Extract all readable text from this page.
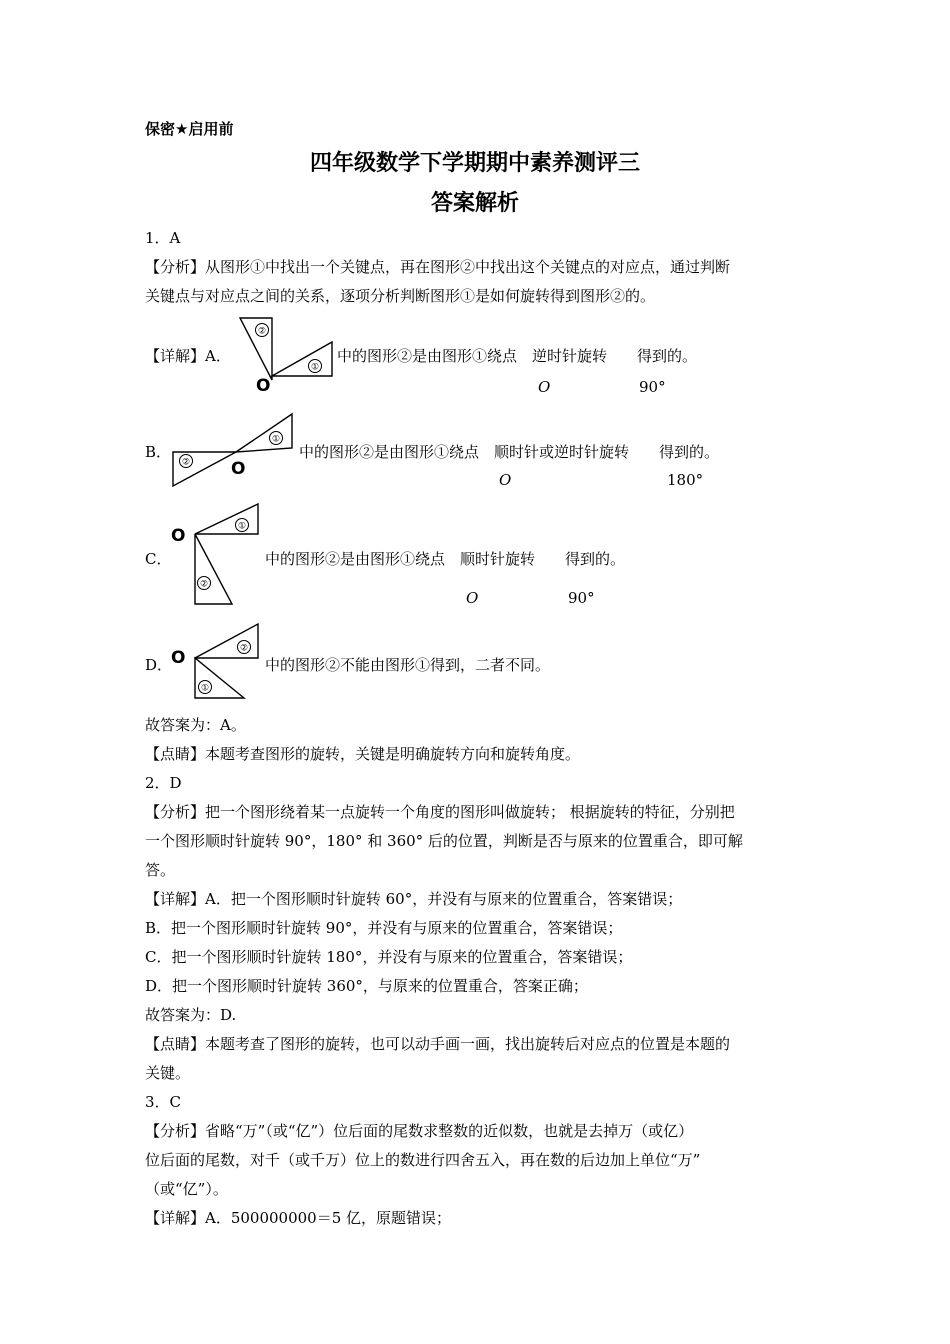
保密★启用前
四年级数学下学期期中素养测评三
答案解析
1．A
【分析】从图形①中找出一个关键点，再在图形②中找出这个关键点的对应点，通过判断
关键点与对应点之间的关系，逐项分析判断图形①是如何旋转得到图形②的。
【详解】A．
②
①
O
中的图形②是由图形①绕点　逆时针旋转　　得到的。
O	90°
B．
②
①
O
中的图形②是由图形①绕点　顺时针或逆时针旋转　　得到的。
O	180°
C．
①
②
O
中的图形②是由图形①绕点　顺时针旋转　　得到的。
O	90°
D．
②
①
O	中的图形②不能由图形①得到，二者不同。
故答案为：A。
【点睛】本题考查图形的旋转，关键是明确旋转方向和旋转角度。
2．D
【分析】把一个图形绕着某一点旋转一个角度的图形叫做旋转； 根据旋转的特征，分别把
一个图形顺时针旋转 90°，180° 和 360° 后的位置，判断是否与原来的位置重合，即可解
答。
【详解】A．把一个图形顺时针旋转 60°，并没有与原来的位置重合，答案错误；
B．把一个图形顺时针旋转 90°，并没有与原来的位置重合，答案错误；
C．把一个图形顺时针旋转 180°，并没有与原来的位置重合，答案错误；
D．把一个图形顺时针旋转 360°，与原来的位置重合，答案正确；
故答案为：D.
【点睛】本题考查了图形的旋转，也可以动手画一画，找出旋转后对应点的位置是本题的
关键。
3．C
【分析】省略“万”（或“亿”）位后面的尾数求整数的近似数，也就是去掉万（或亿）
位后面的尾数，对千（或千万）位上的数进行四舍五入，再在数的后边加上单位“万”
（或“亿”）。
【详解】A．500000000＝5 亿，原题错误；
